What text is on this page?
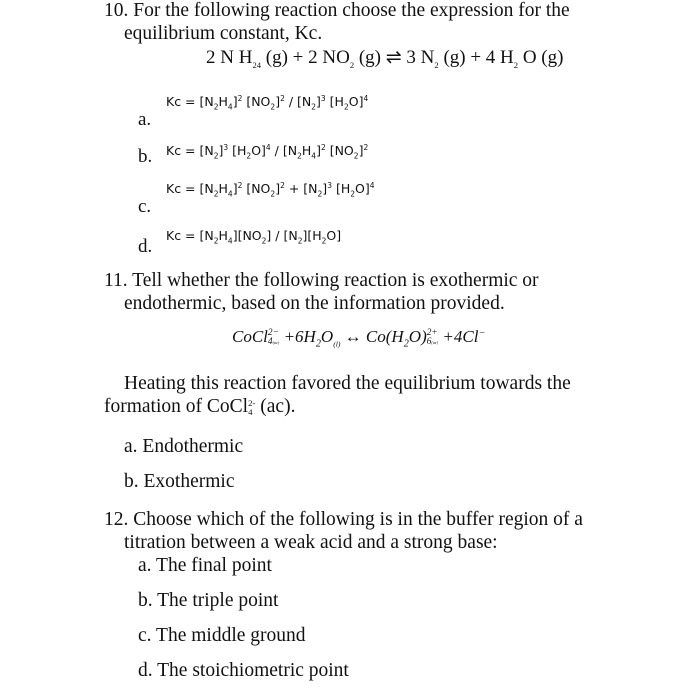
10. For the following reaction choose the expression for the
equilibrium constant, Kc.
2 N $H_{24}$ (g) + 2 $NO_2$ (g) ⇌ 3 $N_2$ (g) + 4 $H_2$ O (g)
a.
$Kc = [N_2H_4]^2$ $[NO_2]^2 / [N_2]^3$ $[H_2O]^4$
b. $Kc = [N_2]^3$ $[H_2O]^4 / [N_2H_4]^2$ $[NO_2]^2$
c.
$Kc = [N_2H_4]^2$ $[NO_2]^2 + [N_2]^3$ $[H_2O]^4$
d.
$Kc = [N_2H_4][NO_2] / [N_2][H_2O]$
11. Tell whether the following reaction is exothermic or
endothermic, based on the information provided.
CoCl 2−
$4(ac) +6H_2O_{(l)}$ ↔ $Co(H_2O)$ 2+
6(ac) +4Cl−
Heating this reaction favored the equilibrium towards the
formation of CoCl 2-
4 (ac).
a. Endothermic
b. Exothermic
12. Choose which of the following is in the buffer region of a
titration between a weak acid and a strong base:
a. The final point
b. The triple point
c. The middle ground
d. The stoichiometric point
